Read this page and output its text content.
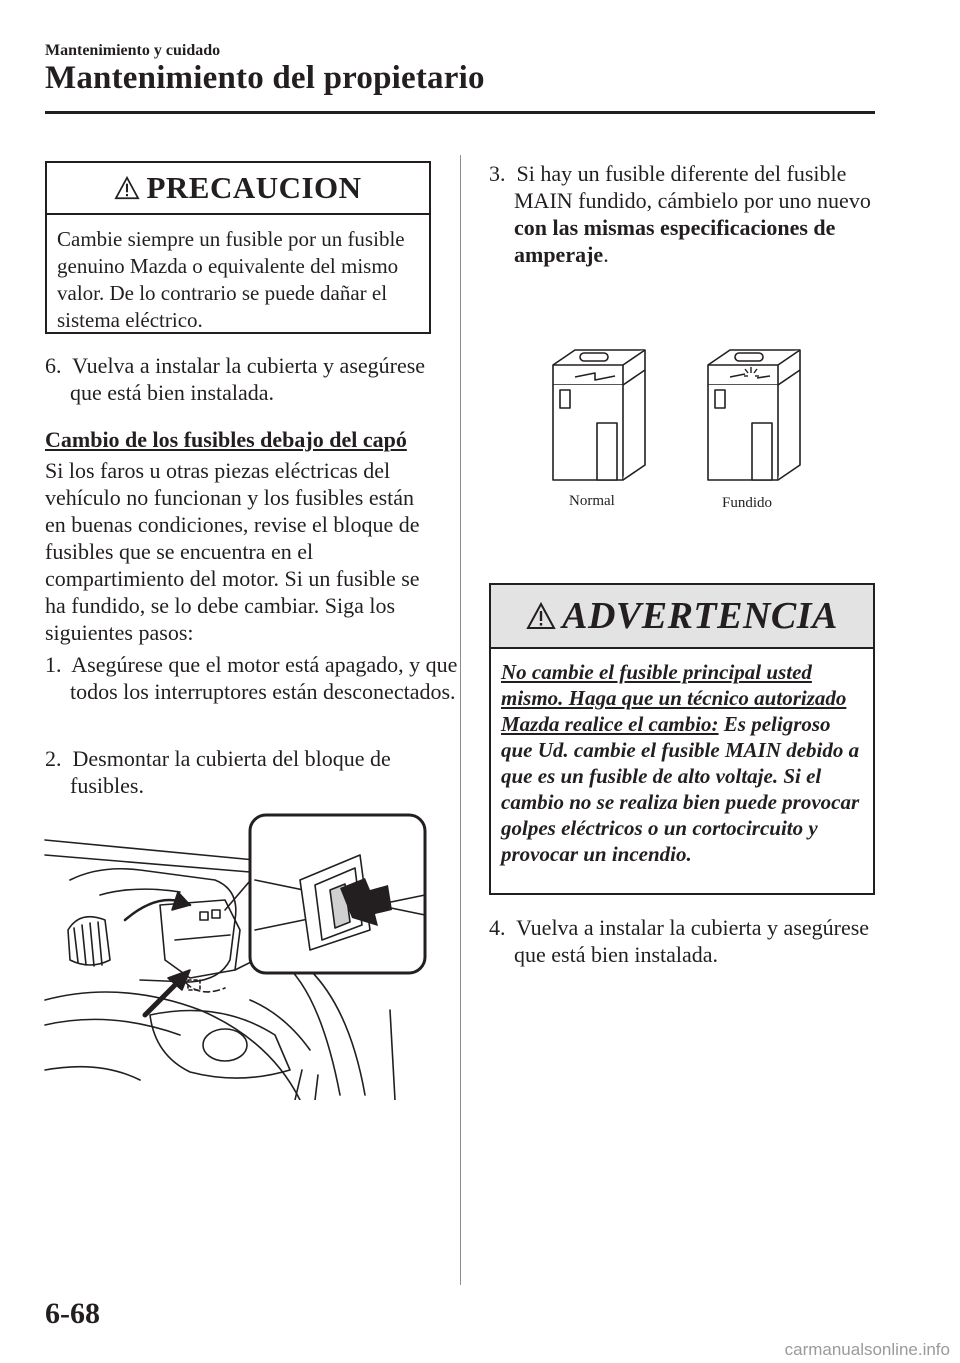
Mantenimiento y cuidado
Mantenimiento del propietario
PRECAUCION
Cambie siempre un fusible por un fusible genuino Mazda o equivalente del mismo valor. De lo contrario se puede dañar el sistema eléctrico.
6. Vuelva a instalar la cubierta y asegúrese que está bien instalada.
Cambio de los fusibles debajo del capó
Si los faros u otras piezas eléctricas del vehículo no funcionan y los fusibles están en buenas condiciones, revise el bloque de fusibles que se encuentra en el compartimiento del motor. Si un fusible se ha fundido, se lo debe cambiar. Siga los siguientes pasos:
1. Asegúrese que el motor está apagado, y que todos los interruptores están desconectados.
2. Desmontar la cubierta del bloque de fusibles.
3. Si hay un fusible diferente del fusible MAIN fundido, cámbielo por uno nuevo con las mismas especificaciones de amperaje.
Normal	Fundido
ADVERTENCIA
No cambie el fusible principal usted mismo. Haga que un técnico autorizado Mazda realice el cambio: Es peligroso que Ud. cambie el fusible MAIN debido a que es un fusible de alto voltaje. Si el cambio no se realiza bien puede provocar golpes eléctricos o un cortocircuito y provocar un incendio.
4. Vuelva a instalar la cubierta y asegúrese que está bien instalada.
6-68
carmanualsonline.info
